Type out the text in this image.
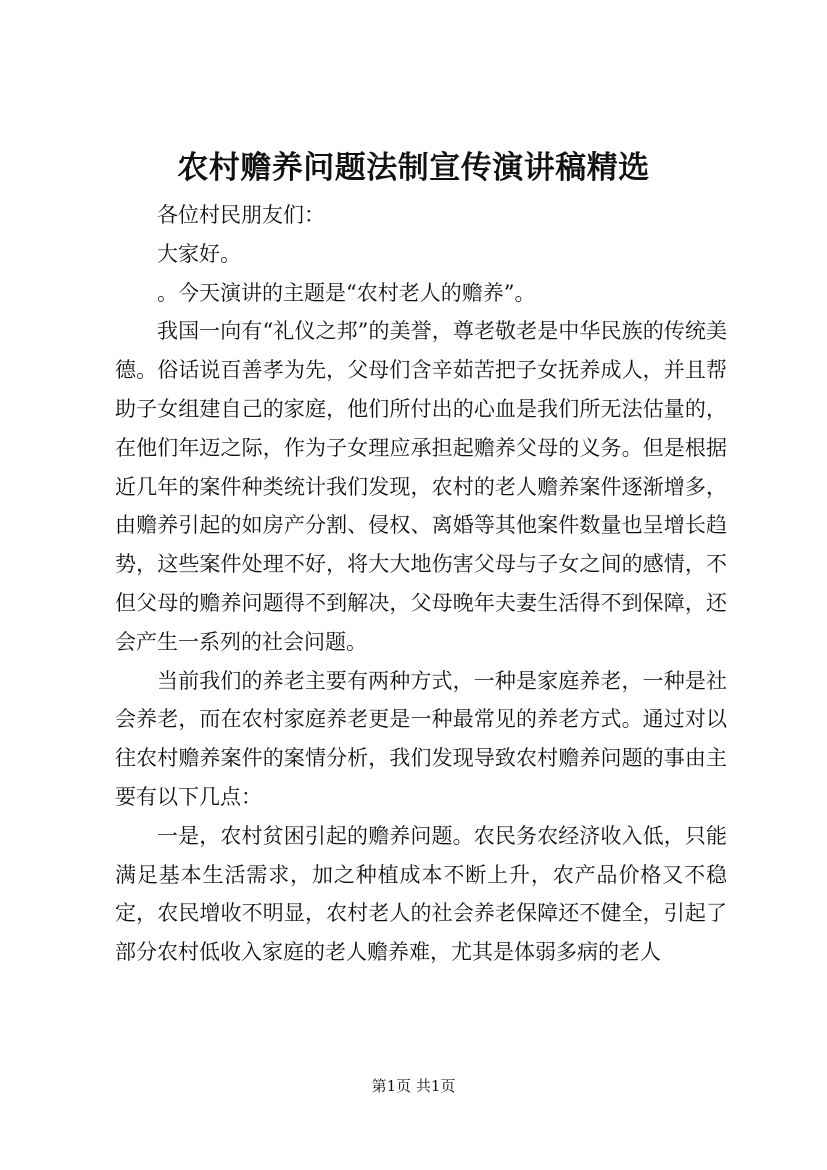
农村赡养问题法制宣传演讲稿精选

各位村民朋友们：

大家好。

。今天演讲的主题是“农村老人的赡养”。

我国一向有“礼仪之邦”的美誉，尊老敬老是中华民族的传统美德。俗话说百善孝为先，父母们含辛茹苦把子女抚养成人，并且帮助子女组建自己的家庭，他们所付出的心血是我们所无法估量的，在他们年迈之际，作为子女理应承担起赡养父母的义务。但是根据近几年的案件种类统计我们发现，农村的老人赡养案件逐渐增多，由赡养引起的如房产分割、侵权、离婚等其他案件数量也呈增长趋势，这些案件处理不好，将大大地伤害父母与子女之间的感情，不但父母的赡养问题得不到解决，父母晚年夫妻生活得不到保障，还会产生一系列的社会问题。

当前我们的养老主要有两种方式，一种是家庭养老，一种是社会养老，而在农村家庭养老更是一种最常见的养老方式。通过对以往农村赡养案件的案情分析，我们发现导致农村赡养问题的事由主要有以下几点：

一是，农村贫困引起的赡养问题。农民务农经济收入低，只能满足基本生活需求，加之种植成本不断上升，农产品价格又不稳定，农民增收不明显，农村老人的社会养老保障还不健全，引起了部分农村低收入家庭的老人赡养难，尤其是体弱多病的老人

第1页 共1页
